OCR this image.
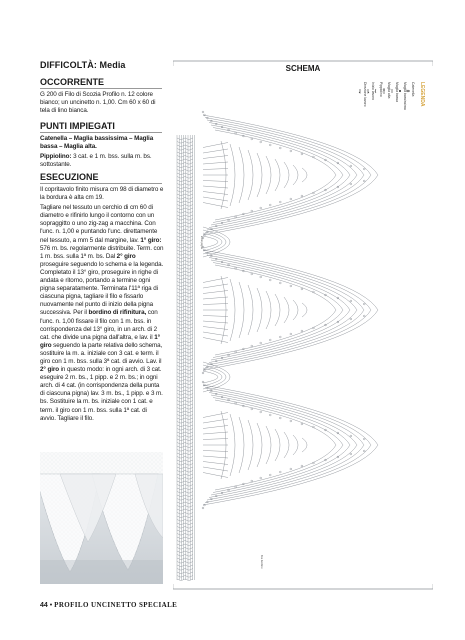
DIFFICOLTÀ: Media
OCCORRENTE
G 200 di Filo di Scozia Profilo n. 12 colore bianco; un uncinetto n. 1,00. Cm 60 x 60 di tela di lino bianca.
PUNTI IMPIEGATI
Catenella – Maglia bassissima – Maglia bassa – Maglia alta.
Pippiolino: 3 cat. e 1 m. bss. sulla m. bs. sottostante.
ESECUZIONE
Il copritavolo finito misura cm 98 di diametro e la bordura è alta cm 19.
Tagliare nel tessuto un cerchio di cm 60 di diametro e rifinirlo lungo il contorno con un sopraggitto o uno zig-zag a macchina. Con l'unc. n. 1,00 e puntando l'unc. direttamente nel tessuto, a mm 5 dal margine, lav. 1° giro: 576 m. bs. regolarmente distribuite. Term. con 1 m. bss. sulla 1ª m. bs. Dal 2° giro proseguire seguendo lo schema e la legenda. Completato il 13° giro, proseguire in righe di andata e ritorno, portando a termine ogni pigna separatamente. Terminata l'11ª riga di ciascuna pigna, tagliare il filo e fissarlo nuovamente nel punto di inizio della pigna successiva. Per il bordino di rifinitura, con l'unc. n. 1,00 fissare il filo con 1 m. bss. in corrispondenza del 13° giro, in un arch. di 2 cat. che divide una pigna dall'altra, e lav. il 1° giro seguendo la parte relativa dello schema, sostituire la m. a. iniziale con 3 cat. e term. il giro con 1 m. bss. sulla 3ª cat. di avvio. Lav. il 2° giro in questo modo: in ogni arch. di 3 cat. eseguire 2 m. bs., 1 pipp. e 2 m. bs.; in ogni arch. di 4 cat. (in corrispondenza della punta di ciascuna pigna) lav. 3 m. bs., 1 pipp. e 3 m. bs. Sostituire la m. bs. iniziale con 1 cat. e term. il giro con 1 m. bss. sulla 1ª cat. di avvio. Tagliare il filo.
44 • PROFILO UNCINETTO SPECIALE
LEGENDA
Catenella
Maglia bassissima
Maglia bassa
Maglia alta
Pippiolino
Inizio lavoro
Direzione lavoro
inizio pigna
fine bordino
SCHEMA
